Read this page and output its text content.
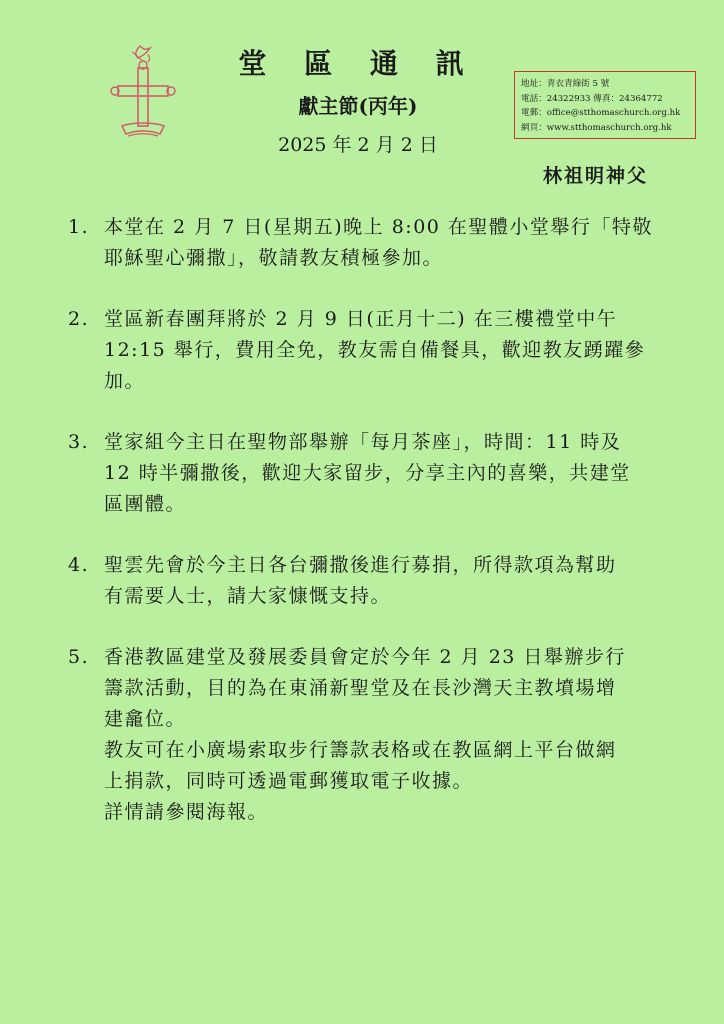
堂 區 通 訊
獻主節(丙年)
2025 年 2 月 2 日
地址：青衣青綠街 5 號
電話：24322933 傳真：24364772
電郵：office@stthomaschurch.org.hk
網頁：www.stthomaschurch.org.hk
林祖明神父
1. 本堂在 2 月 7 日(星期五)晚上 8:00 在聖體小堂舉行「特敬
耶穌聖心彌撒」，敬請教友積極參加。
2. 堂區新春團拜將於 2 月 9 日(正月十二) 在三樓禮堂中午
12:15 舉行，費用全免，教友需自備餐具，歡迎教友踴躍參
加。
3. 堂家組今主日在聖物部舉辦「每月茶座」，時間：11 時及
12 時半彌撒後，歡迎大家留步，分享主內的喜樂，共建堂
區團體。
4. 聖雲先會於今主日各台彌撒後進行募捐，所得款項為幫助
有需要人士，請大家慷慨支持。
5. 香港教區建堂及發展委員會定於今年 2 月 23 日舉辦步行
籌款活動，目的為在東涌新聖堂及在長沙灣天主教墳場增
建龕位。
教友可在小廣場索取步行籌款表格或在教區網上平台做網
上捐款，同時可透過電郵獲取電子收據。
詳情請參閱海報。
